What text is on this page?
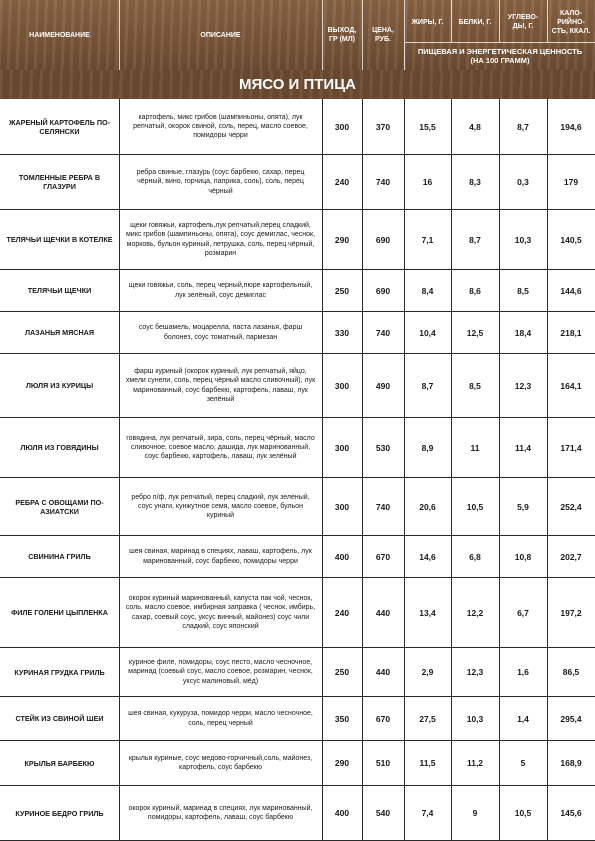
НАИМЕНОВАНИЕ	ОПИСАНИЕ
ВЫХОД, ГР (МЛ)
ЦЕНА, РУБ.
ЖИРЫ, Г.	БЕЛКИ, Г.
УГЛЕВО-ДЫ, Г.
КАЛО-РИЙНО-СТЬ, ККАЛ.
ПИЩЕВАЯ И ЭНЕРГЕТИЧЕСКАЯ ЦЕННОСТЬ (НА 100 ГРАММ)
МЯСО И ПТИЦА
ЖАРЕНЫЙ КАРТОФЕЛЬ ПО- СЕЛЯНСКИ
картофель, микс грибов (шампиньоны, опята), лук репчатый, окорок свиной, соль, перец, масло соевое, помидоры черри
300	370	15,5	4,8	8,7	194,6
ТОМЛЕННЫЕ РЕБРА В ГЛАЗУРИ
ребра свиные, глазурь (соус барбекю, сахар, перец чёрный, вино, горчица, паприка, соль), соль, перец чёрный
240	740	16	8,3	0,3	179
ТЕЛЯЧЬИ ЩЕЧКИ В КОТЕЛКЕ
щеки говяжьи, картофель,лук репчатый,перец сладкий, микс грибов (шампиньоны, опята), соус демиглас, чеснок, морковь, бульон куриный, петрушка, соль, перец чёрный, розмарин
290	690	7,1	8,7	10,3	140,5
ТЕЛЯЧЬИ ЩЕЧКИ
щеки говяжьи, соль, перец черный,пюре картофельный, лук зелёный, соус демиглас	250	690	8,4	8,6	8,5	144,6
ЛАЗАНЬЯ МЯСНАЯ
соус бешамель, моцарелла, паста лазанья, фарш болонез, соус томатный, пармезан	330	740	10,4	12,5	18,4	218,1
ЛЮЛЯ ИЗ КУРИЦЫ
фарш куриный (окорок куриный, лук репчатый, яйцо, хмели сунели, соль, перец чёрный масло сливочный), лук маринованный, соус барбекю, картофель, лаваш, лук зелёный
300	490	8,7	8,5	12,3	164,1
ЛЮЛЯ ИЗ ГОВЯДИНЫ
говядина, лук репчатый, зира, соль, перец чёрный, масло сливочное, соевое масло, дашида, лук маринованный, соус барбекю, картофель, лаваш, лук зелёный
300	530	8,9	11	11,4	171,4
РЕБРА С ОВОЩАМИ ПО-АЗИАТСКИ
ребро п/ф, лук репчатый, перец сладкий, лук зеленый, соус унаги, кунжутное семя, масло соевое, бульон куриный
300	740	20,6	10,5	5,9	252,4
СВИНИНА ГРИЛЬ
шея свиная, маринад в специях, лаваш, картофель, лук маринованный, соус барбекю, помидоры черри	400	670	14,6	6,8	10,8	202,7
ФИЛЕ ГОЛЕНИ ЦЫПЛЕНКА
окорок куриный маринованный, капуста пак чой, чеснок, соль, масло соевое, имбирная заправка ( чеснок, имбирь, сахар, соевый соус, уксус винный, майонез) соус чили сладкий, соус японский
240	440	13,4	12,2	6,7	197,2
КУРИНАЯ ГРУДКА ГРИЛЬ
куриное филе, помидоры, соус песто, масло чесночное, маринад (соевый соус, масло соевое, розмарин, чеснок, уксус малиновый, мёд)
250	440	2,9	12,3	1,6	86,5
СТЕЙК ИЗ СВИНОЙ ШЕИ
шея свиная, кукуруза, помидор черри, масло чесночное, соль, перец черный	350	670	27,5	10,3	1,4	295,4
КРЫЛЬЯ БАРБЕКЮ
крылья куриные, соус медово-горчичный,соль, майонез, картофель, соус барбекю	290	510	11,5	11,2	5	168,9
КУРИНОЕ БЕДРО ГРИЛЬ
окорок куриный, маринад в специях, лук маринованный, помидоры, картофель, лаваш, соус барбекю	400	540	7,4	9	10,5	145,6
